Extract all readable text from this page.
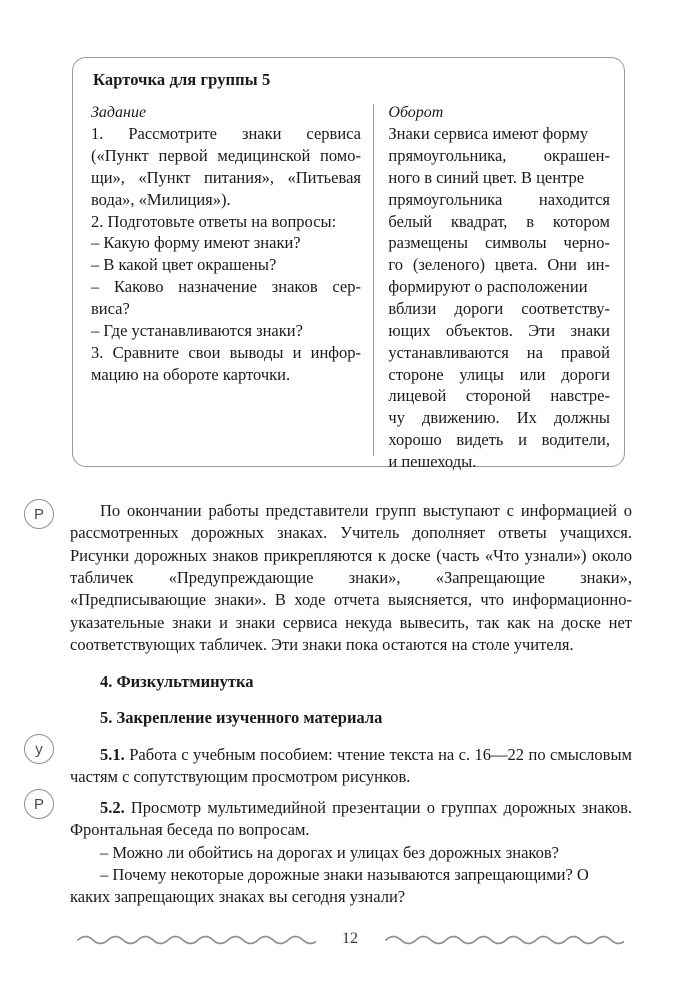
Карточка для группы 5

Задание

1. Рассмотрите знаки сервиса

(«Пункт первой медицинской помо-

щи», «Пункт питания», «Питьевая

вода», «Милиция»).

2. Подготовьте ответы на вопросы:

– Какую форму имеют знаки?

– В какой цвет окрашены?

– Каково назначение знаков сер-

виса?

– Где устанавливаются знаки?

3. Сравните свои выводы и инфор-

мацию на обороте карточки.

Оборот

Знаки сервиса имеют форму

прямоугольника, окрашен-

ного в синий цвет. В центре

прямоугольника находится

белый квадрат, в котором

размещены символы черно-

го (зеленого) цвета. Они ин-

формируют о расположении

вблизи дороги соответству-

ющих объектов. Эти знаки

устанавливаются на правой

стороне улицы или дороги

лицевой стороной навстре-

чу движению. Их должны

хорошо видеть и водители,

и пешеходы.

Р
у
Р

По окончании работы представители групп выступают с информацией о рассмотренных дорожных знаках. Учитель дополняет ответы учащихся. Рисунки дорожных знаков прикрепляются к доске (часть «Что узнали») около табличек «Предупреждающие знаки», «Запрещающие знаки», «Предписывающие знаки». В ходе отчета выясняется, что информационно-указательные знаки и знаки сервиса некуда вывесить, так как на доске нет соответствующих табличек. Эти знаки пока остаются на столе учителя.

4. Физкультминутка
5. Закрепление изученного материала

5.1. Работа с учебным пособием: чтение текста на с. 16—22 по смысловым частям с сопутствующим просмотром рисунков.

5.2. Просмотр мультимедийной презентации о группах дорожных знаков. Фронтальная беседа по вопросам.

– Можно ли обойтись на дорогах и улицах без дорожных знаков?

– Почему некоторые дорожные знаки называются запрещающими? О каких запрещающих знаках вы сегодня узнали?

12
